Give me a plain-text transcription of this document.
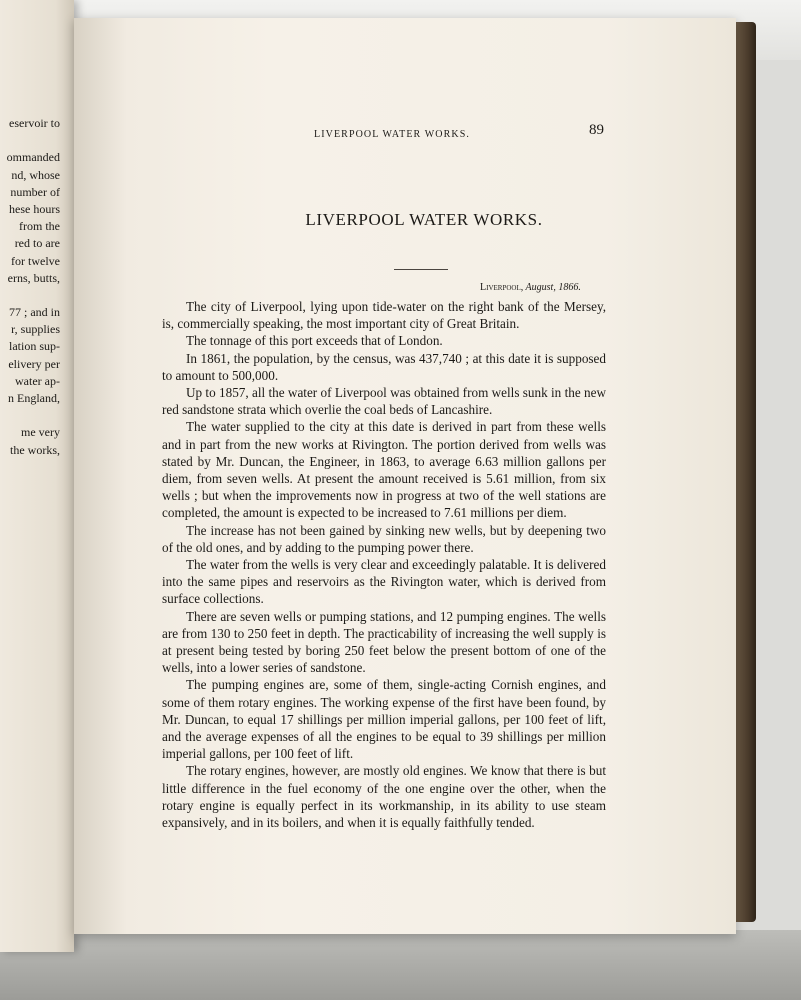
eservoir to
ommanded
nd, whose
number of
hese hours
from the
red to are
for twelve
erns, butts,
77 ; and in
r, supplies
lation sup-
elivery per
water ap-
n England,
me very
the works,
LIVERPOOL WATER WORKS.	89
LIVERPOOL WATER WORKS.
Liverpool, August, 1866.

The city of Liverpool, lying upon tide-water on the right bank of the Mersey, is, commercially speaking, the most important city of Great Britain.

The tonnage of this port exceeds that of London.

In 1861, the population, by the census, was 437,740 ; at this date it is supposed to amount to 500,000.

Up to 1857, all the water of Liverpool was obtained from wells sunk in the new red sandstone strata which overlie the coal beds of Lancashire.

The water supplied to the city at this date is derived in part from these wells and in part from the new works at Rivington. The portion derived from wells was stated by Mr. Duncan, the Engineer, in 1863, to average 6.63 million gallons per diem, from seven wells. At present the amount received is 5.61 million, from six wells ; but when the improvements now in progress at two of the well stations are completed, the amount is expected to be increased to 7.61 millions per diem.

The increase has not been gained by sinking new wells, but by deepening two of the old ones, and by adding to the pumping power there.

The water from the wells is very clear and exceedingly palatable. It is delivered into the same pipes and reservoirs as the Rivington water, which is derived from surface collections.

There are seven wells or pumping stations, and 12 pumping engines. The wells are from 130 to 250 feet in depth. The practicability of increasing the well supply is at present being tested by boring 250 feet below the present bottom of one of the wells, into a lower series of sandstone.

The pumping engines are, some of them, single-acting Cornish engines, and some of them rotary engines. The working expense of the first have been found, by Mr. Duncan, to equal 17 shillings per million imperial gallons, per 100 feet of lift, and the average expenses of all the engines to be equal to 39 shillings per million imperial gallons, per 100 feet of lift.

The rotary engines, however, are mostly old engines. We know that there is but little difference in the fuel economy of the one engine over the other, when the rotary engine is equally perfect in its workmanship, in its ability to use steam expansively, and in its boilers, and when it is equally faithfully tended.
